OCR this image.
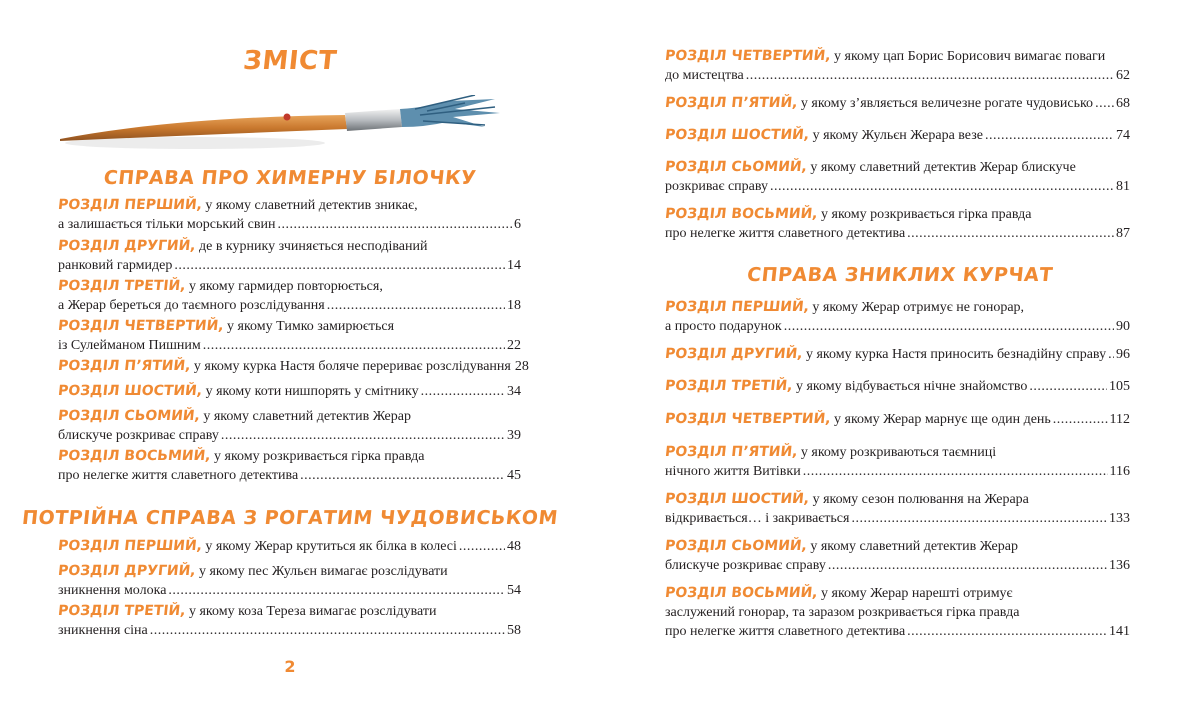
ЗМІСТ
СПРАВА ПРО ХИМЕРНУ БІЛОЧКУ
РОЗДІЛ ПЕРШИЙ,
у якому славетний детектив зникає,
а залишається тільки морський свин .....	6
РОЗДІЛ ДРУГИЙ,
де в курнику зчиняється несподіваний
ранковий гармидер .....	14
РОЗДІЛ ТРЕТІЙ,
у якому гармидер повторюється,
а Жерар береться до таємного розслідування .....	18
РОЗДІЛ ЧЕТВЕРТИЙ,
у якому Тимко замирюється
із Сулейманом Пишним .....	22
РОЗДІЛ П’ЯТИЙ,
у якому курка Настя боляче перериває розслідування 28
РОЗДІЛ ШОСТИЙ,
у якому коти нишпорять у смітнику .....	34
РОЗДІЛ СЬОМИЙ,
у якому славетний детектив Жерар
блискуче розкриває справу .....	39
РОЗДІЛ ВОСЬМИЙ,
у якому розкривається гірка правда
про нелегке життя славетного детектива .....	45
ПОТРІЙНА СПРАВА З РОГАТИМ ЧУДОВИСЬКОМ
РОЗДІЛ ПЕРШИЙ,
у якому Жерар крутиться як білка в колесі .....	48
РОЗДІЛ ДРУГИЙ,
у якому пес Жульєн вимагає розслідувати
зникнення молока .....	54
РОЗДІЛ ТРЕТІЙ,
у якому коза Тереза вимагає розслідувати
зникнення сіна .....	58
2
РОЗДІЛ ЧЕТВЕРТИЙ,
у якому цап Борис Борисович вимагає поваги
до мистецтва .....	62
РОЗДІЛ П’ЯТИЙ,
у якому з’являється величезне рогате чудовисько ..... 68
РОЗДІЛ ШОСТИЙ,
у якому Жульєн Жерара везе .....	74
РОЗДІЛ СЬОМИЙ,
у якому славетний детектив Жерар блискуче
розкриває справу .....	81
РОЗДІЛ ВОСЬМИЙ,
у якому розкривається гірка правда
про нелегке життя славетного детектива .....	87
СПРАВА ЗНИКЛИХ КУРЧАТ
РОЗДІЛ ПЕРШИЙ,
у якому Жерар отримує не гонорар,
а просто подарунок .....	90
РОЗДІЛ ДРУГИЙ,
у якому курка Настя приносить безнадійну справу ..... 96
РОЗДІЛ ТРЕТІЙ,
у якому відбувається нічне знайомство .....	105
РОЗДІЛ ЧЕТВЕРТИЙ,
у якому Жерар марнує ще один день .....	112
РОЗДІЛ П’ЯТИЙ,
у якому розкриваються таємниці
нічного життя Витівки .....	116
РОЗДІЛ ШОСТИЙ,
у якому сезон полювання на Жерара
відкривається… і закривається .....	133
РОЗДІЛ СЬОМИЙ,
у якому славетний детектив Жерар
блискуче розкриває справу .....	136
РОЗДІЛ ВОСЬМИЙ,
у якому Жерар нарешті отримує
заслужений гонорар, та заразом розкривається гірка правда
про нелегке життя славетного детектива .....	141
